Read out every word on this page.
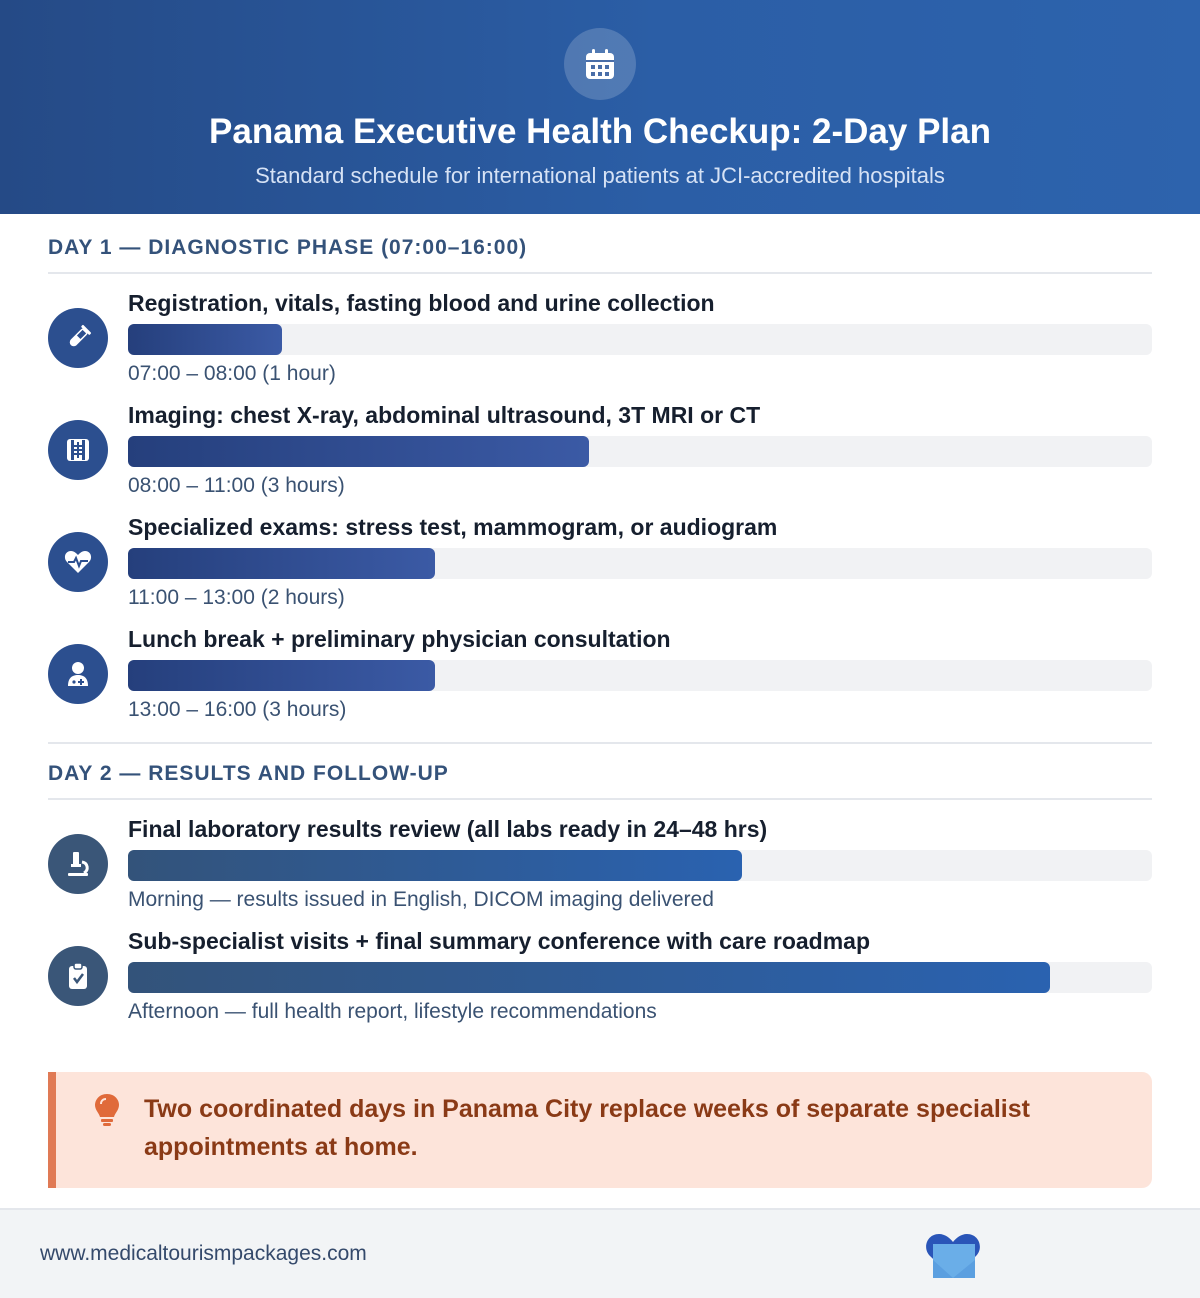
Panama Executive Health Checkup: 2-Day Plan
Standard schedule for international patients at JCI-accredited hospitals
DAY 1 — DIAGNOSTIC PHASE (07:00–16:00)
Registration, vitals, fasting blood and urine collection
07:00 – 08:00 (1 hour)
Imaging: chest X-ray, abdominal ultrasound, 3T MRI or CT
08:00 – 11:00 (3 hours)
Specialized exams: stress test, mammogram, or audiogram
11:00 – 13:00 (2 hours)
Lunch break + preliminary physician consultation
13:00 – 16:00 (3 hours)
DAY 2 — RESULTS AND FOLLOW-UP
Final laboratory results review (all labs ready in 24–48 hrs)
Morning — results issued in English, DICOM imaging delivered
Sub-specialist visits + final summary conference with care roadmap
Afternoon — full health report, lifestyle recommendations
Two coordinated days in Panama City replace weeks of separate specialist appointments at home.
www.medicaltourismpackages.com
